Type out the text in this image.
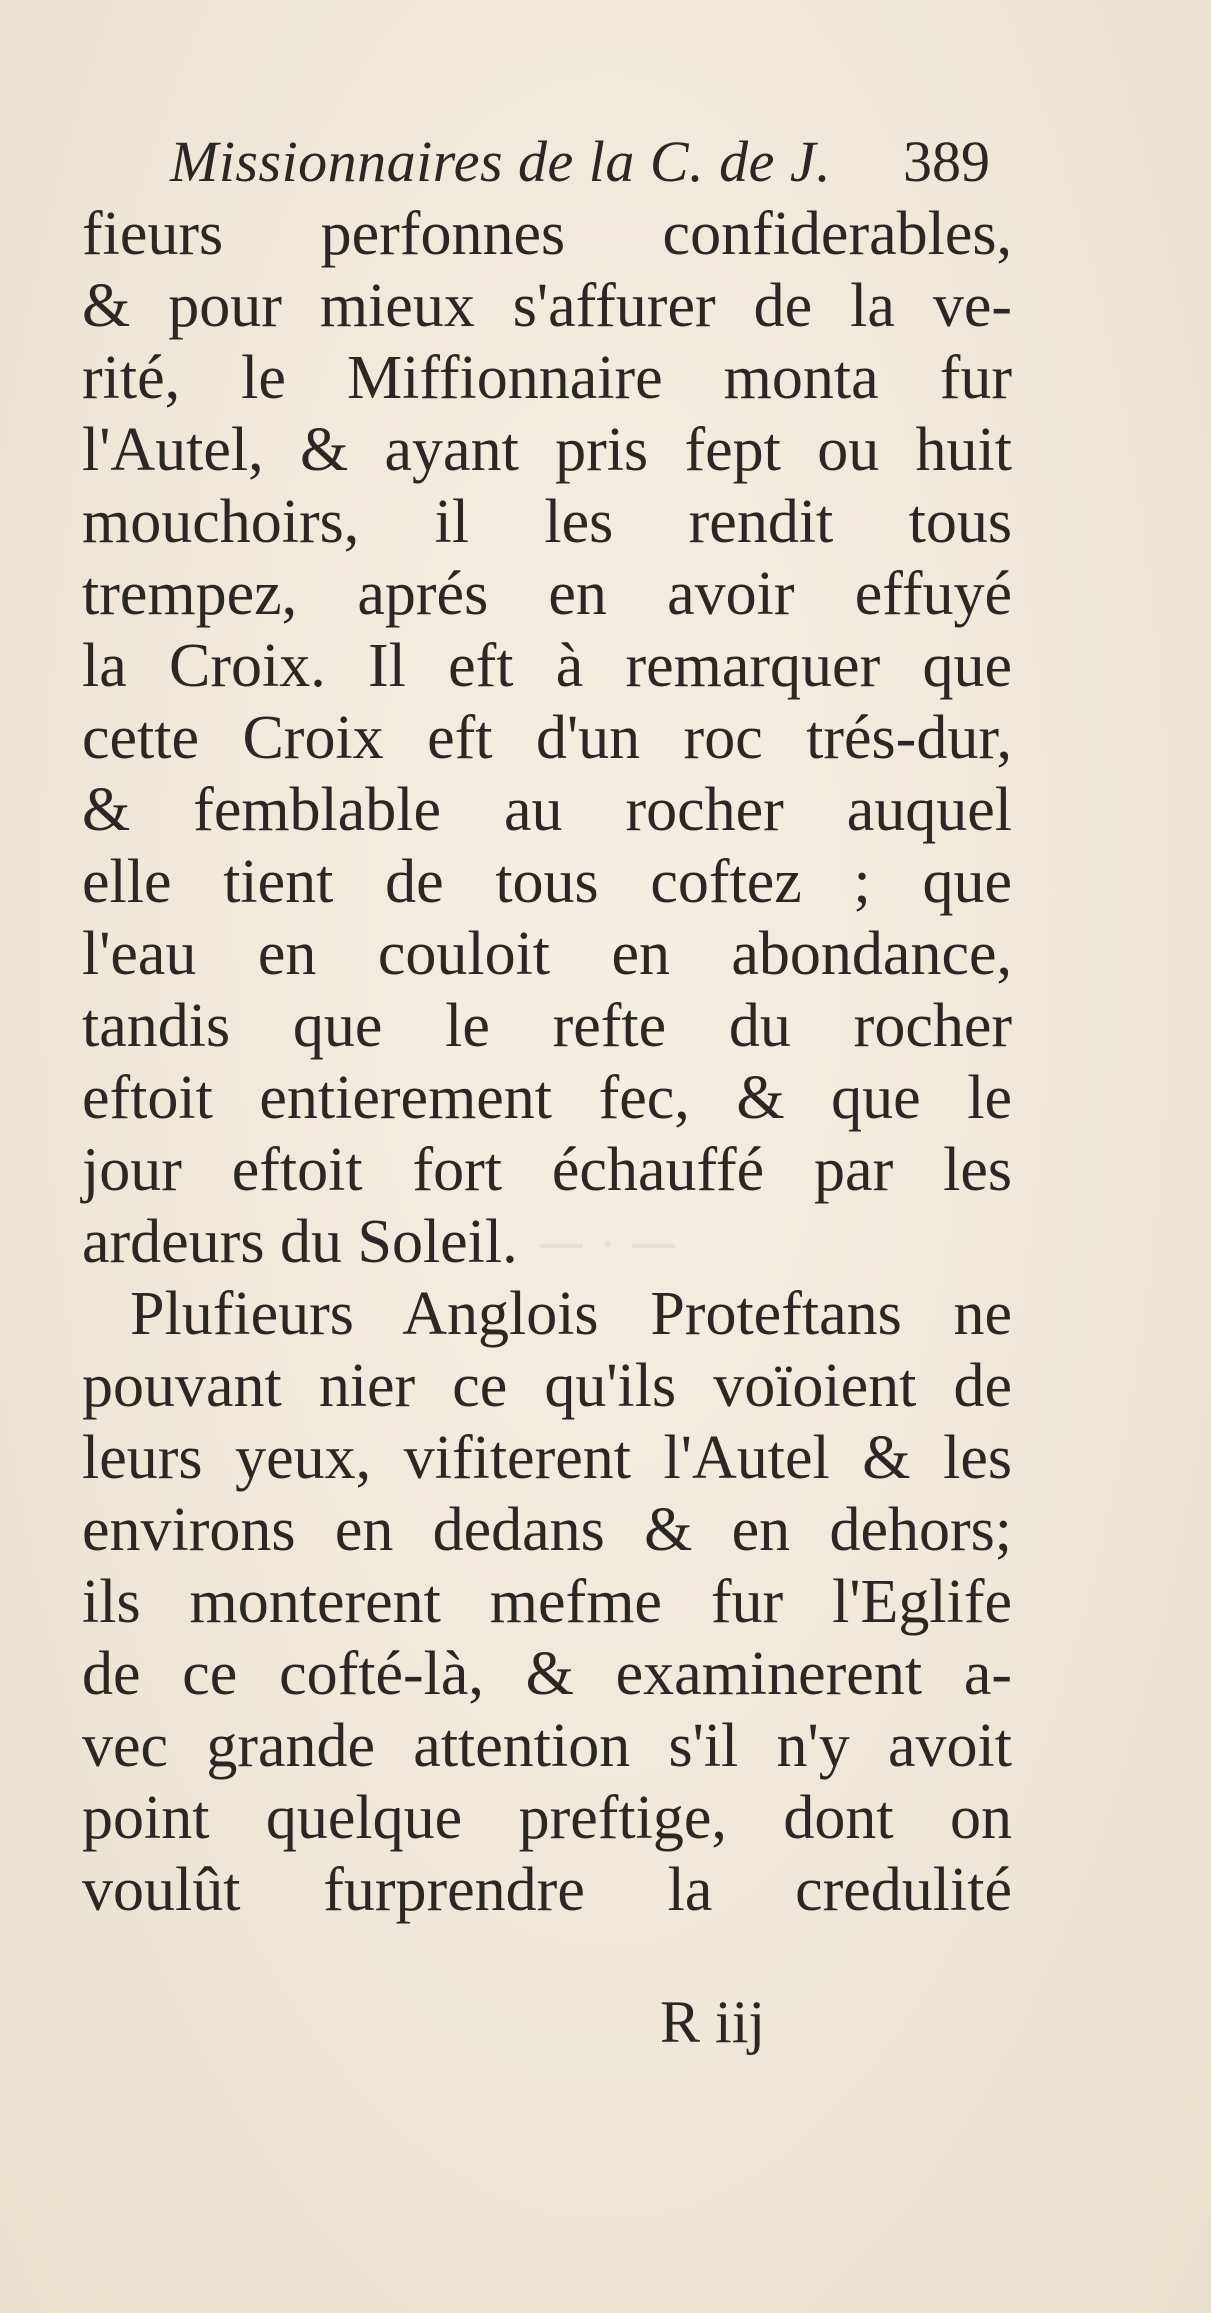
─ · ─
Missionnaires de la C. de J. 389
fieurs perfonnes confiderables,
& pour mieux s'affurer de la ve-
rité, le Miffionnaire monta fur
l'Autel, & ayant pris fept ou huit
mouchoirs, il les rendit tous
trempez, aprés en avoir effuyé
la Croix. Il eft à remarquer que
cette Croix eft d'un roc trés-dur,
& femblable au rocher auquel
elle tient de tous coftez ; que
l'eau en couloit en abondance,
tandis que le refte du rocher
eftoit entierement fec, & que le
jour eftoit fort échauffé par les
ardeurs du Soleil.
Plufieurs Anglois Proteftans ne
pouvant nier ce qu'ils voïoient de
leurs yeux, vifiterent l'Autel & les
environs en dedans & en dehors;
ils monterent mefme fur l'Eglife
de ce cofté-là, & examinerent a-
vec grande attention s'il n'y avoit
point quelque preftige, dont on
voulût furprendre la credulité
R iij
